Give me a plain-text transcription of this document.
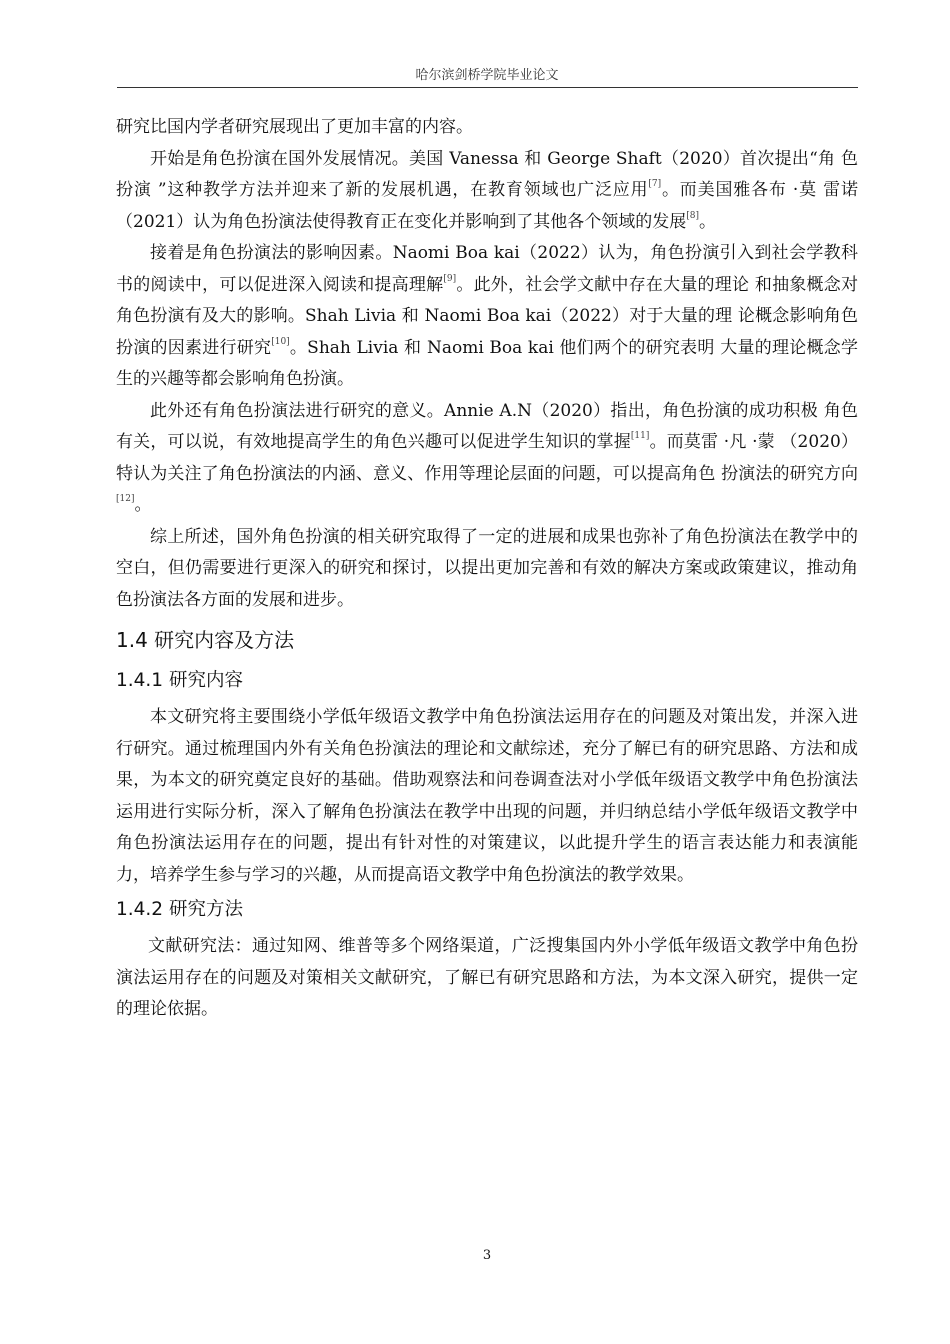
哈尔滨剑桥学院毕业论文

研究比国内学者研究展现出了更加丰富的内容。

开始是角色扮演在国外发展情况。美国 Vanessa 和 George Shaft（2020）首次提出“角 色扮演 ”这种教学方法并迎来了新的发展机遇，在教育领域也广泛应用[7]。而美国雅各布 ·莫 雷诺（2021）认为角色扮演法使得教育正在变化并影响到了其他各个领域的发展[8]。

接着是角色扮演法的影响因素。Naomi Boa kai（2022）认为，角色扮演引入到社会学教科书的阅读中，可以促进深入阅读和提高理解[9]。此外，社会学文献中存在大量的理论 和抽象概念对角色扮演有及大的影响。Shah Livia 和 Naomi Boa kai（2022）对于大量的理 论概念影响角色扮演的因素进行研究[10]。Shah Livia 和 Naomi Boa kai 他们两个的研究表明 大量的理论概念学生的兴趣等都会影响角色扮演。

此外还有角色扮演法进行研究的意义。Annie A.N（2020）指出，角色扮演的成功积极 角色有关，可以说，有效地提高学生的角色兴趣可以促进学生知识的掌握[11]。而莫雷 ·凡 ·蒙 （2020）特认为关注了角色扮演法的内涵、意义、作用等理论层面的问题，可以提高角色 扮演法的研究方向[12]。

综上所述，国外角色扮演的相关研究取得了一定的进展和成果也弥补了角色扮演法在教学中的空白，但仍需要进行更深入的研究和探讨，以提出更加完善和有效的解决方案或政策建议，推动角色扮演法各方面的发展和进步。

1.4 研究内容及方法
1.4.1 研究内容

本文研究将主要围绕小学低年级语文教学中角色扮演法运用存在的问题及对策出发，并深入进行研究。通过梳理国内外有关角色扮演法的理论和文献综述，充分了解已有的研究思路、方法和成果，为本文的研究奠定良好的基础。借助观察法和问卷调查法对小学低年级语文教学中角色扮演法运用进行实际分析，深入了解角色扮演法在教学中出现的问题，并归纳总结小学低年级语文教学中角色扮演法运用存在的问题，提出有针对性的对策建议，以此提升学生的语言表达能力和表演能力，培养学生参与学习的兴趣，从而提高语文教学中角色扮演法的教学效果。

1.4.2 研究方法

文献研究法：通过知网、维普等多个网络渠道，广泛搜集国内外小学低年级语文教学中角色扮演法运用存在的问题及对策相关文献研究，了解已有研究思路和方法，为本文深入研究，提供一定的理论依据。

3
